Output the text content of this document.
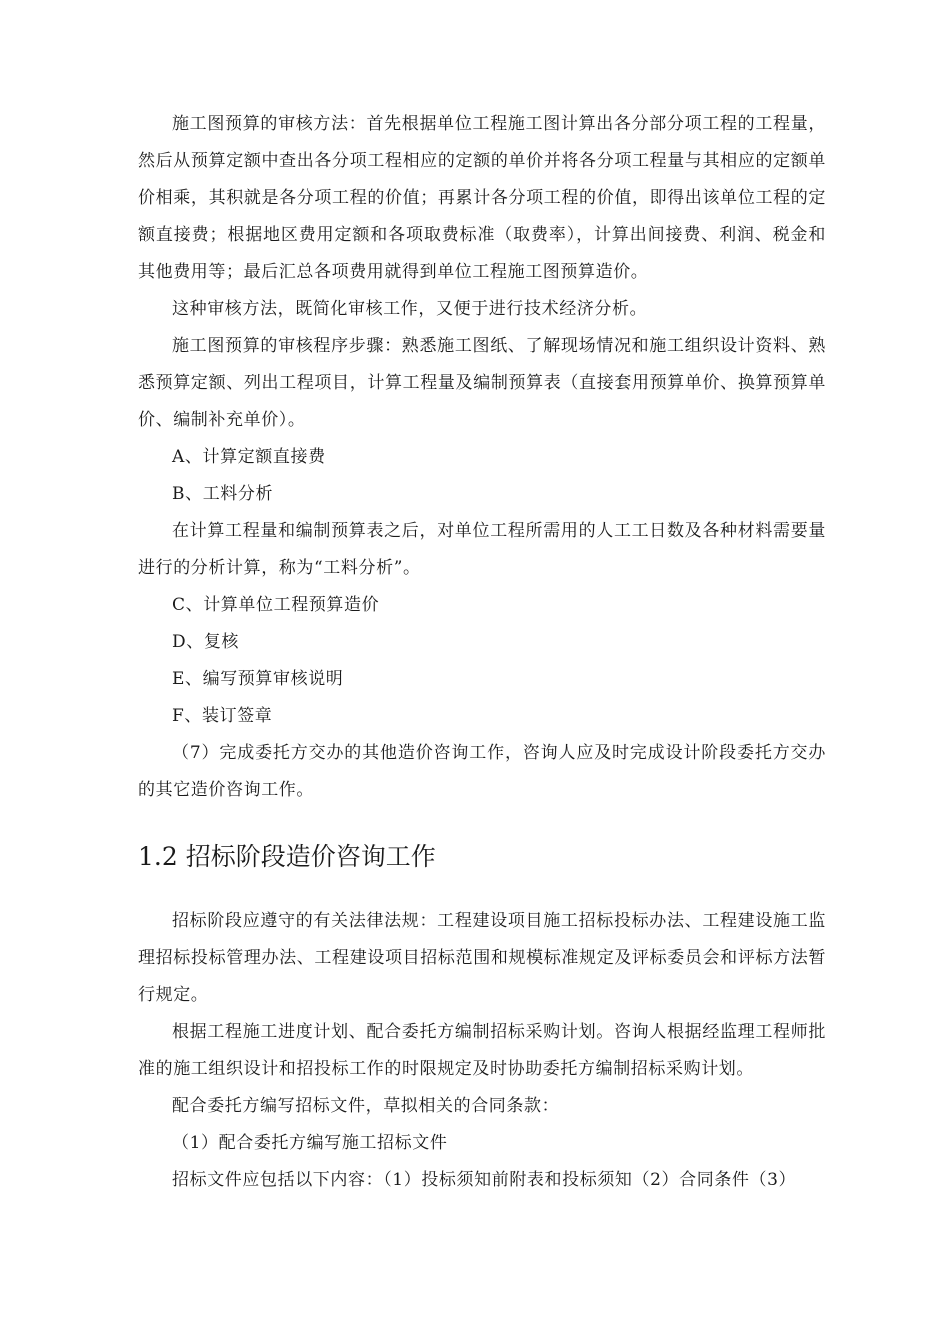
施工图预算的审核方法：首先根据单位工程施工图计算出各分部分项工程的工程量，然后从预算定额中查出各分项工程相应的定额的单价并将各分项工程量与其相应的定额单价相乘，其积就是各分项工程的价值；再累计各分项工程的价值，即得出该单位工程的定额直接费；根据地区费用定额和各项取费标准（取费率），计算出间接费、利润、税金和其他费用等；最后汇总各项费用就得到单位工程施工图预算造价。

这种审核方法，既简化审核工作，又便于进行技术经济分析。

施工图预算的审核程序步骤：熟悉施工图纸、了解现场情况和施工组织设计资料、熟悉预算定额、列出工程项目，计算工程量及编制预算表（直接套用预算单价、换算预算单价、编制补充单价）。

A、计算定额直接费

B、工料分析

在计算工程量和编制预算表之后，对单位工程所需用的人工工日数及各种材料需要量进行的分析计算，称为“工料分析”。

C、计算单位工程预算造价

D、复核

E、编写预算审核说明

F、装订签章

（7）完成委托方交办的其他造价咨询工作，咨询人应及时完成设计阶段委托方交办的其它造价咨询工作。

1.2 招标阶段造价咨询工作

招标阶段应遵守的有关法律法规：工程建设项目施工招标投标办法、工程建设施工监理招标投标管理办法、工程建设项目招标范围和规模标准规定及评标委员会和评标方法暂行规定。

根据工程施工进度计划、配合委托方编制招标采购计划。咨询人根据经监理工程师批准的施工组织设计和招投标工作的时限规定及时协助委托方编制招标采购计划。

配合委托方编写招标文件，草拟相关的合同条款：

（1）配合委托方编写施工招标文件

招标文件应包括以下内容：（1）投标须知前附表和投标须知（2）合同条件（3）
